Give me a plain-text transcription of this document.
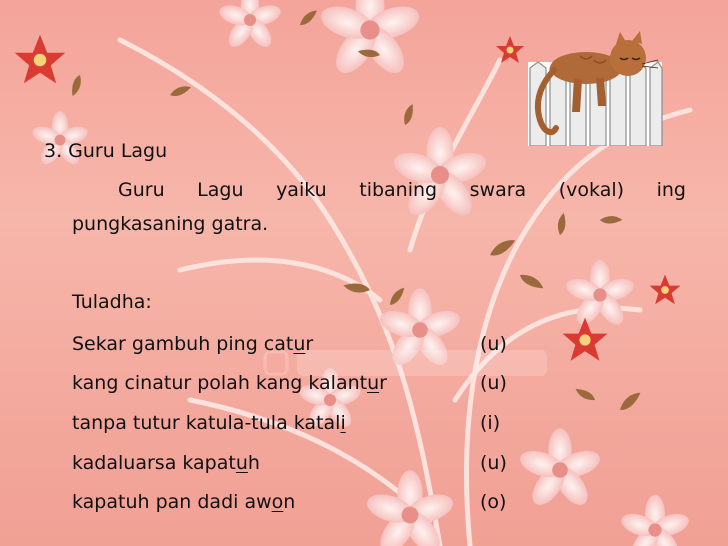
3. Guru Lagu
Guru Lagu yaiku tibaning swara (vokal) ing
pungkasaning gatra.
Tuladha:
Sekar gambuh ping catur	(u)
kang cinatur polah kang kalantur	(u)
tanpa tutur katula-tula katali	(i)
kadaluarsa kapatuh	(u)
kapatuh pan dadi awon	(o)
